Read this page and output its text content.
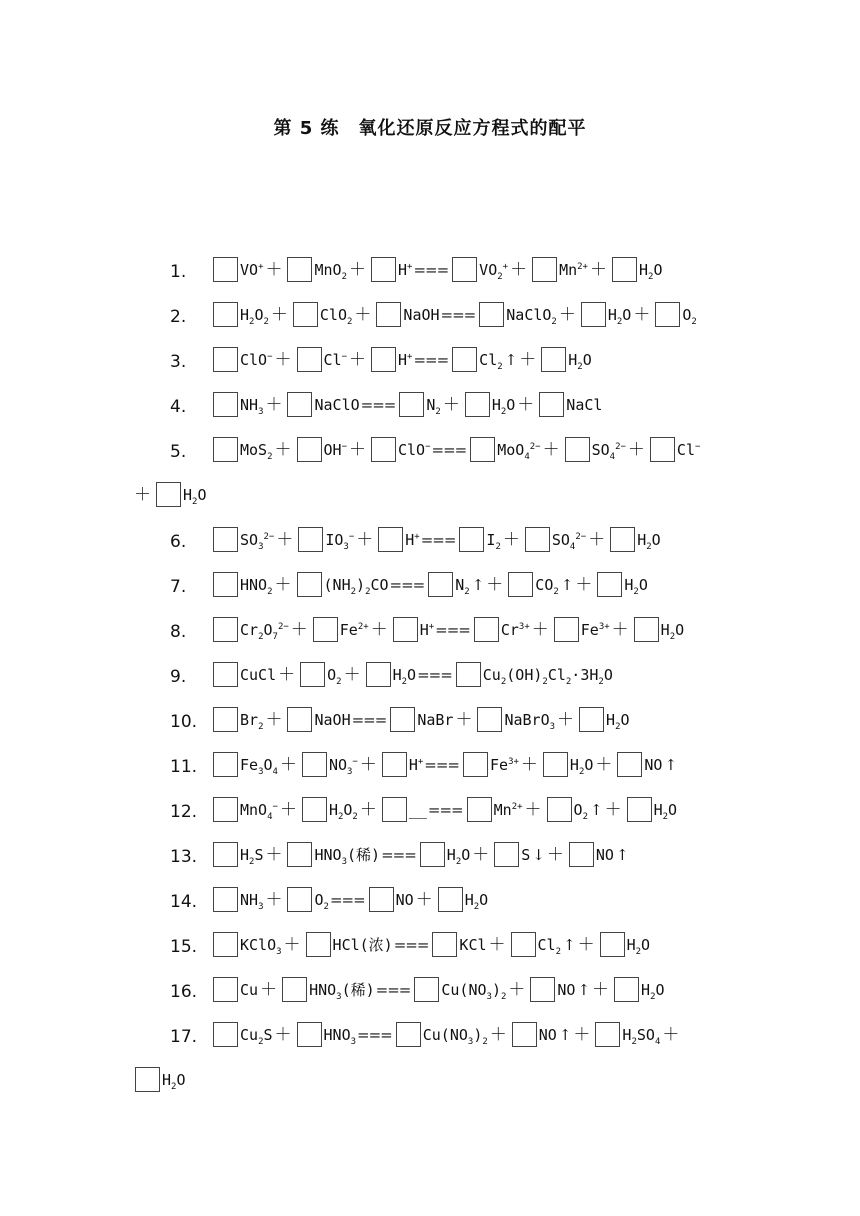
第 5 练　氧化还原反应方程式的配平
1.	$VO^+ + MnO_2 + H^+=== VO_2^+ + Mn^{2+} + H_2O$
2.	$H_2O_2 + ClO_2$ ＋ NaOH=== NaClO$_2$ ＋ $H_2O + O_2$
3.	$ClO^- + Cl^- + H^+=== Cl_2$ ↑ ＋ $H_2O$
4.	$NH_3$ ＋ NaClO=== $N_2 + H_2O$ ＋ NaCl
5.	$MoS_2 + OH^- + ClO^-=== MoO_4^{2-} + SO_4^{2-} + Cl^-$
＋ $H_2O$
6.	$SO_3^{2-} + IO_3^- + H^+=== I_2 + SO_4^{2-} + H_2O$
7.	$HNO_2 + (NH_2)_2CO=== N_2$ ↑ ＋ $CO_2$ ↑ ＋ $H_2O$
8.	$Cr_2O_7^{2-} + Fe^{2+} + H^+=== Cr^{3+} + Fe^{3+} + H_2O$
9.	CuCl ＋ $O_2 + H_2O=== Cu_2(OH)_2Cl_2\cdot 3H_2O$
10.	$Br_2$ ＋ NaOH=== NaBr ＋ NaBrO$_3$ ＋ $H_2O$
11.	$Fe_3O_4 + NO_3^- + H^+=== Fe^{3+} + H_2O$ ＋ NO ↑
12.	$MnO_4^- + H_2O_2$ ＋ __=== $Mn^{2+} + O_2$ ↑ ＋ $H_2O$
13.	$H_2S + HNO_3$(稀)=== $H_2O + S$ ↓ ＋ NO ↑
14.	$NH_3 + O_2===$ NO ＋ $H_2O$
15.	KClO$_3$ ＋ HCl(浓)=== KCl ＋ $Cl_2$ ↑ ＋ $H_2O$
16.	$Cu + HNO_3$(稀)=== $Cu(NO_3)_2$ ＋ NO ↑ ＋ $H_2O$
17.	$Cu_2S + HNO_3=== Cu(NO_3)_2$ ＋ NO ↑ ＋ $H_2SO_4$ ＋
$H_2O$
